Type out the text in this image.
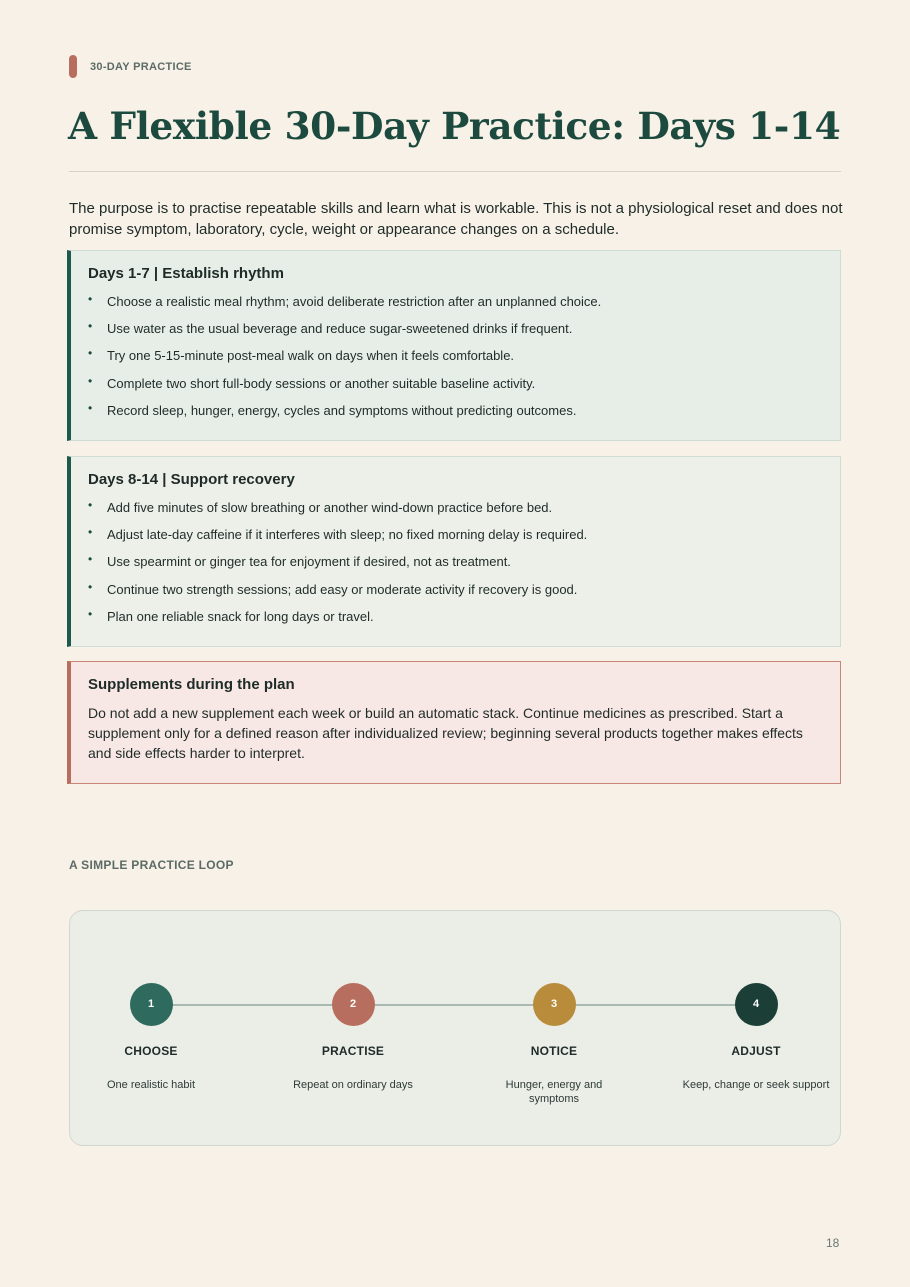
30-DAY PRACTICE
A Flexible 30-Day Practice: Days 1-14

The purpose is to practise repeatable skills and learn what is workable. This is not a physiological reset and does not promise symptom, laboratory, cycle, weight or appearance changes on a schedule.

Days 1-7 | Establish rhythm
• Choose a realistic meal rhythm; avoid deliberate restriction after an unplanned choice.
• Use water as the usual beverage and reduce sugar-sweetened drinks if frequent.
• Try one 5-15-minute post-meal walk on days when it feels comfortable.
• Complete two short full-body sessions or another suitable baseline activity.
• Record sleep, hunger, energy, cycles and symptoms without predicting outcomes.
Days 8-14 | Support recovery
• Add five minutes of slow breathing or another wind-down practice before bed.
• Adjust late-day caffeine if it interferes with sleep; no fixed morning delay is required.
• Use spearmint or ginger tea for enjoyment if desired, not as treatment.
• Continue two strength sessions; add easy or moderate activity if recovery is good.
• Plan one reliable snack for long days or travel.
Supplements during the plan

Do not add a new supplement each week or build an automatic stack. Continue medicines as prescribed. Start a supplement only for a defined reason after individualized review; beginning several products together makes effects and side effects harder to interpret.

A SIMPLE PRACTICE LOOP
1
CHOOSE
One realistic habit
2
PRACTISE
Repeat on ordinary days
3
NOTICE
Hunger, energy and symptoms
4
ADJUST
Keep, change or seek support
18
